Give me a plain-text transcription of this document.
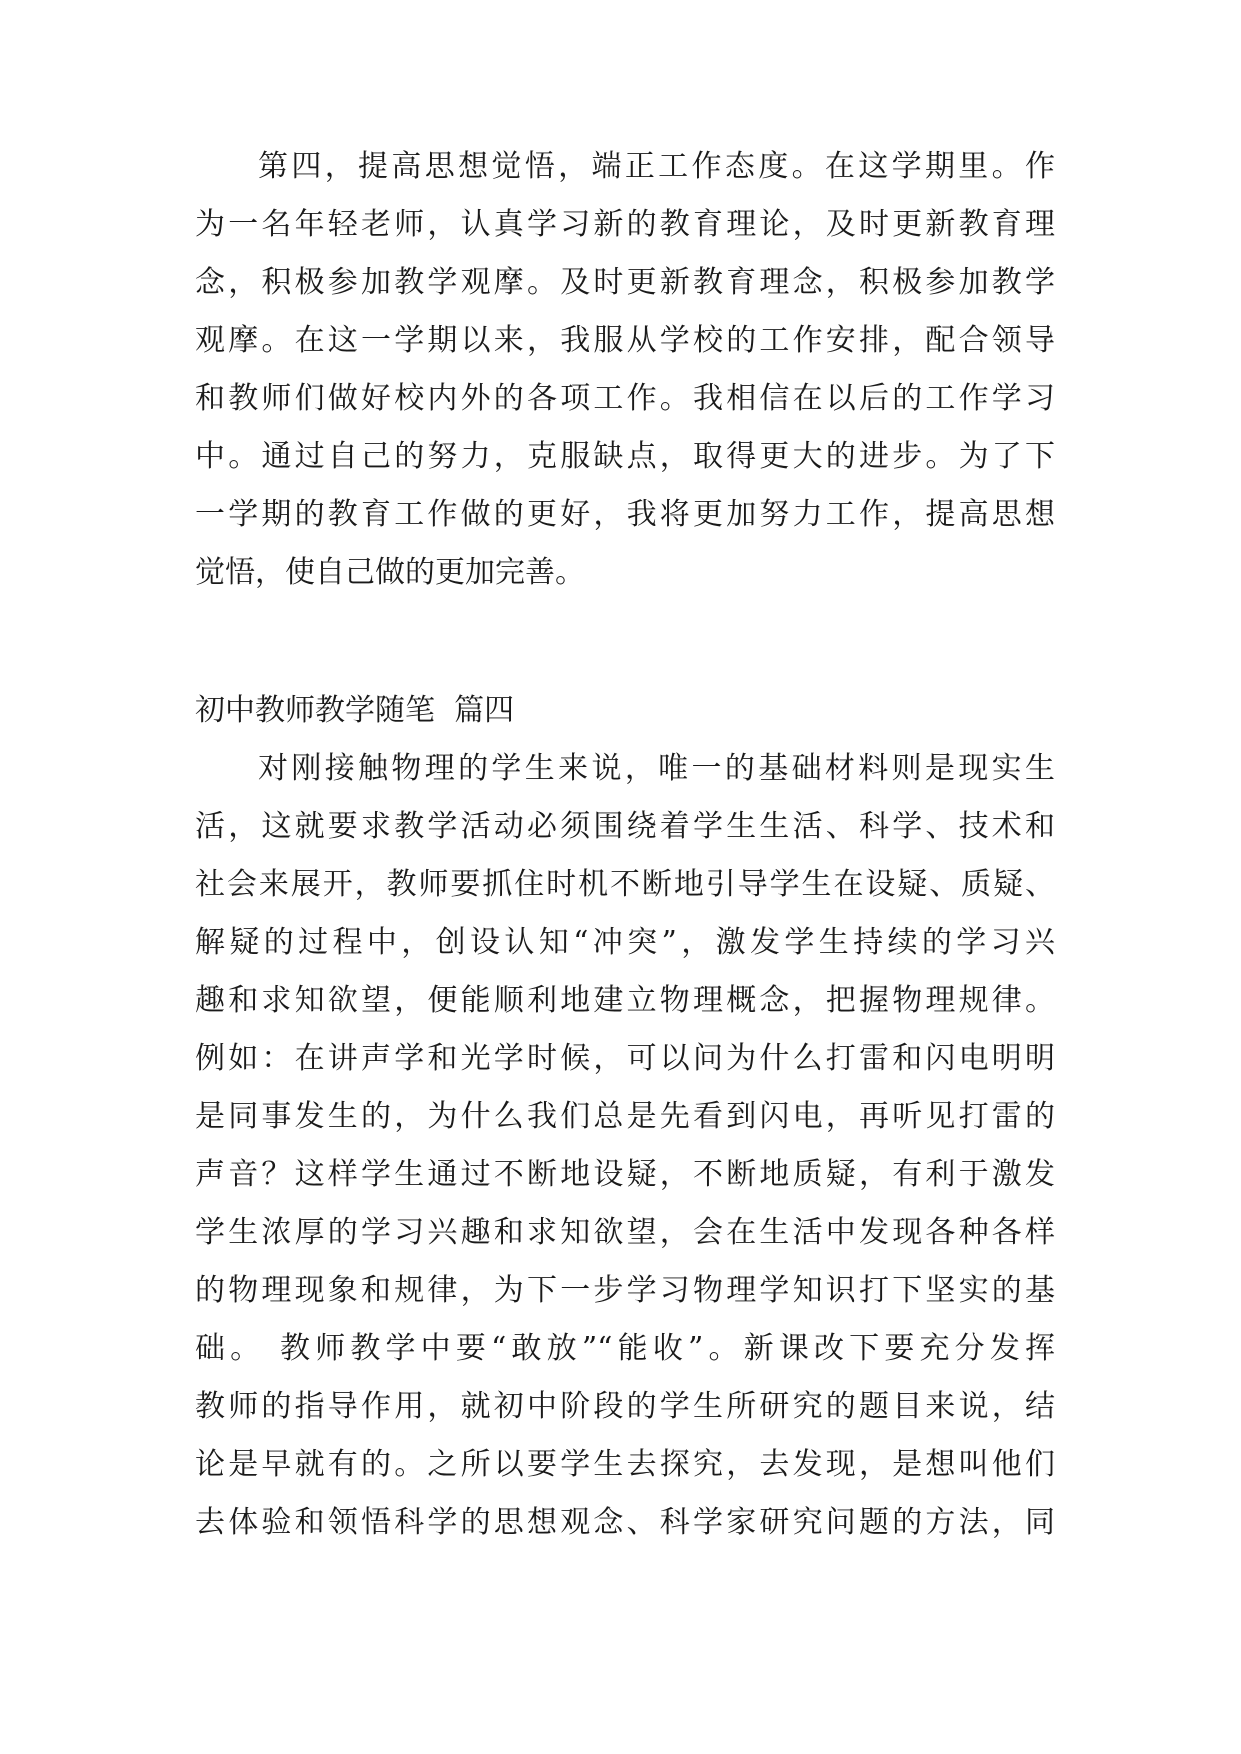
第四，提高思想觉悟，端正工作态度。在这学期里。作
为一名年轻老师，认真学习新的教育理论，及时更新教育理
念，积极参加教学观摩。及时更新教育理念，积极参加教学
观摩。在这一学期以来，我服从学校的工作安排，配合领导
和教师们做好校内外的各项工作。我相信在以后的工作学习
中。通过自己的努力，克服缺点，取得更大的进步。为了下
一学期的教育工作做的更好，我将更加努力工作，提高思想
觉悟，使自己做的更加完善。
初中教师教学随笔  篇四
对刚接触物理的学生来说，唯一的基础材料则是现实生
活，这就要求教学活动必须围绕着学生生活、科学、技术和
社会来展开，教师要抓住时机不断地引导学生在设疑、质疑、
解疑的过程中，创设认知“冲突”，激发学生持续的学习兴
趣和求知欲望，便能顺利地建立物理概念，把握物理规律。
例如：在讲声学和光学时候，可以问为什么打雷和闪电明明
是同事发生的，为什么我们总是先看到闪电，再听见打雷的
声音？这样学生通过不断地设疑，不断地质疑，有利于激发
学生浓厚的学习兴趣和求知欲望，会在生活中发现各种各样
的物理现象和规律，为下一步学习物理学知识打下坚实的基
础。 教师教学中要“敢放”“能收”。新课改下要充分发挥
教师的指导作用，就初中阶段的学生所研究的题目来说，结
论是早就有的。之所以要学生去探究，去发现，是想叫他们
去体验和领悟科学的思想观念、科学家研究问题的方法，同
